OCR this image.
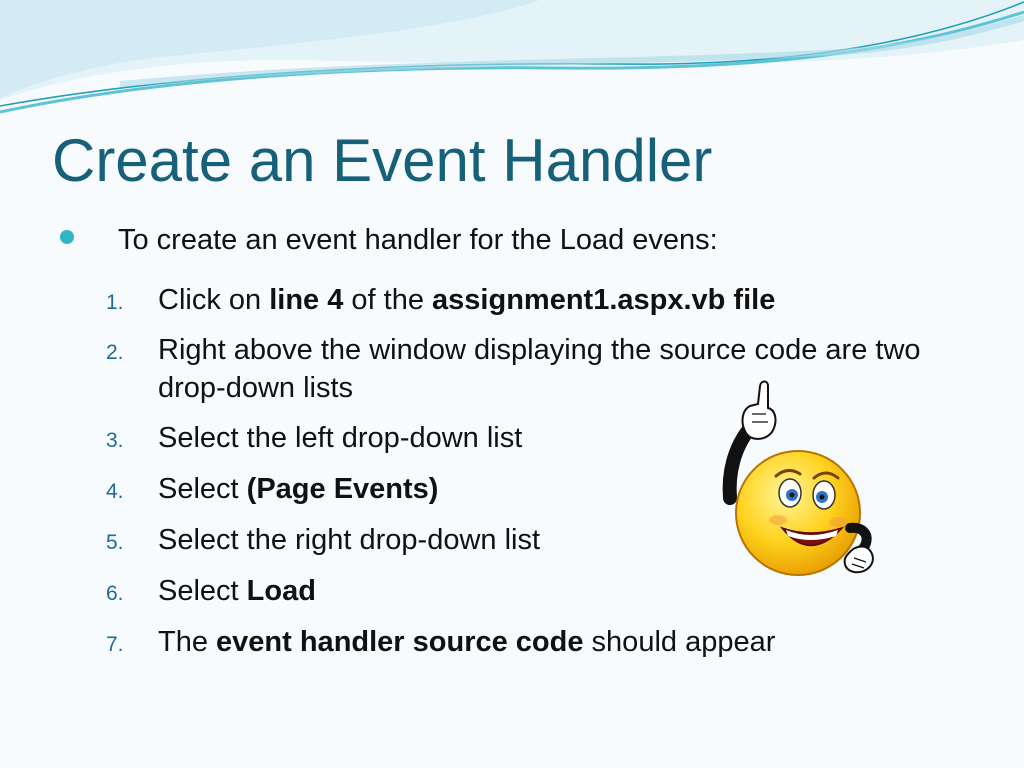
Create an Event Handler
To create an event handler for the Load evens:
1.	Click on line 4 of the assignment1.aspx.vb file
2.	Right above the window displaying the source code are two drop-down lists
3.	Select the left drop-down list
4.	Select (Page Events)
5.	Select the right drop-down list
6.	Select Load
7.	The event handler source code should appear
